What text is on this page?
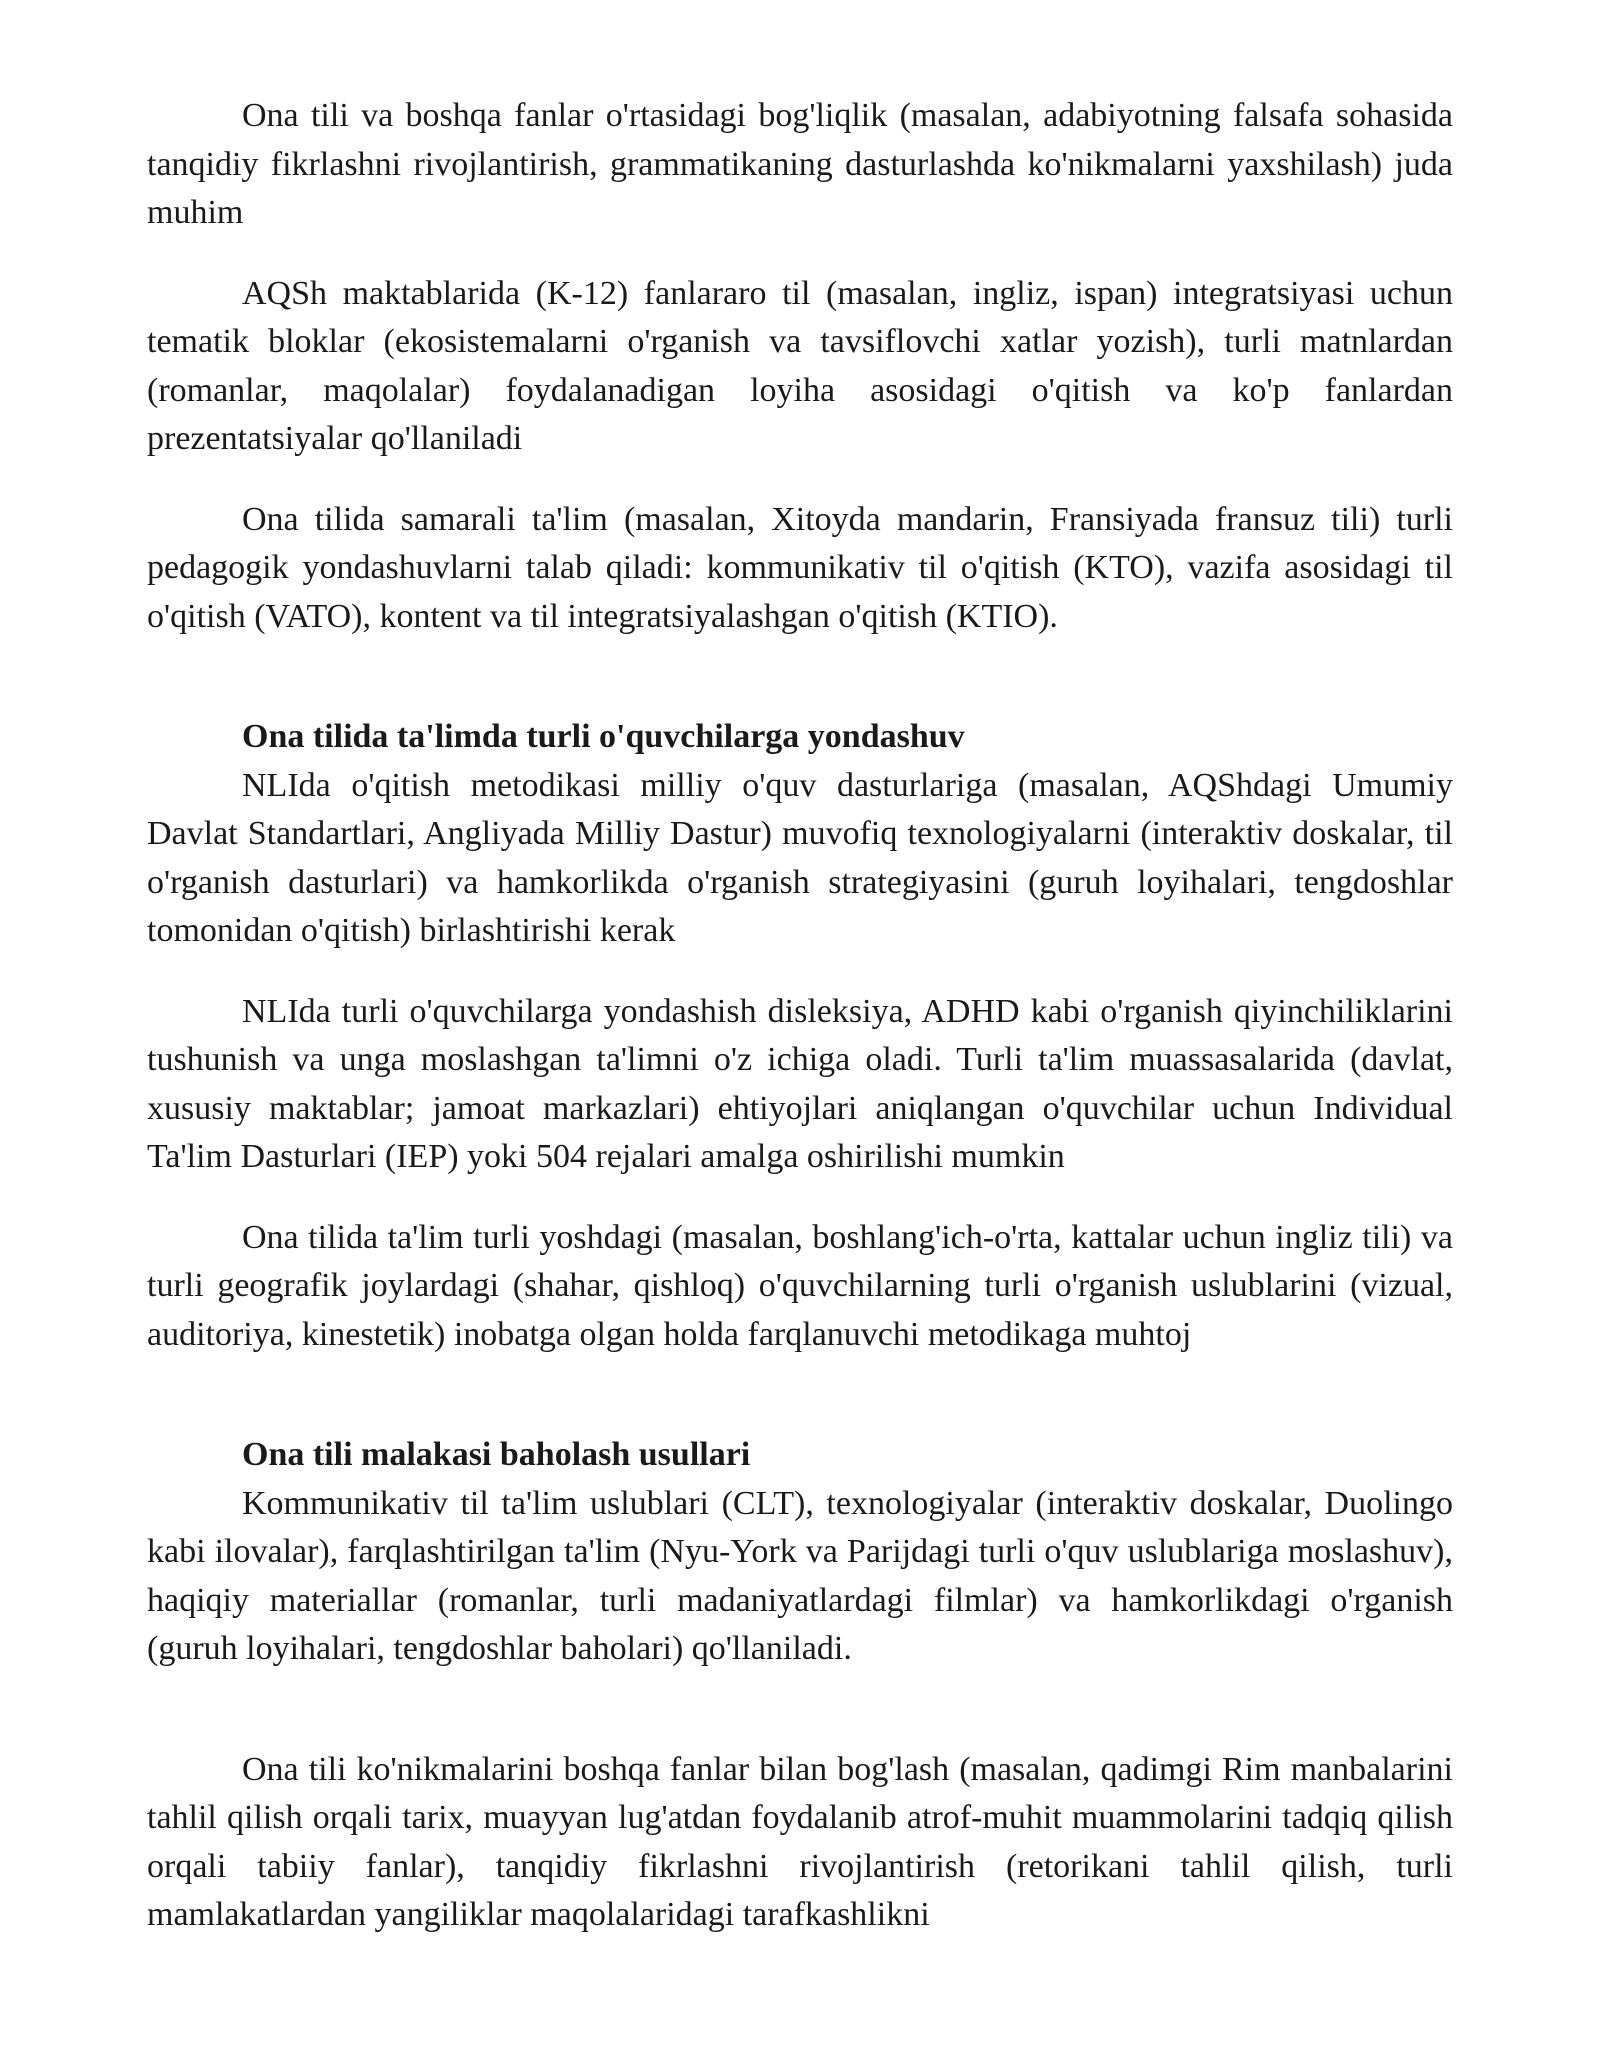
Ona tili va boshqa fanlar o'rtasidagi bog'liqlik (masalan, adabiyotning falsafa sohasida tanqidiy fikrlashni rivojlantirish, grammatikaning dasturlashda ko'nikmalarni yaxshilash) juda muhim

AQSh maktablarida (K-12) fanlararo til (masalan, ingliz, ispan) integratsiyasi uchun tematik bloklar (ekosistemalarni o'rganish va tavsiflovchi xatlar yozish), turli matnlardan (romanlar, maqolalar) foydalanadigan loyiha asosidagi o'qitish va ko'p fanlardan prezentatsiyalar qo'llaniladi

Ona tilida samarali ta'lim (masalan, Xitoyda mandarin, Fransiyada fransuz tili) turli pedagogik yondashuvlarni talab qiladi: kommunikativ til o'qitish (KTO), vazifa asosidagi til o'qitish (VATO), kontent va til integratsiyalashgan o'qitish (KTIO).

Ona tilida ta'limda turli o'quvchilarga yondashuv

NLIda o'qitish metodikasi milliy o'quv dasturlariga (masalan, AQShdagi Umumiy Davlat Standartlari, Angliyada Milliy Dastur) muvofiq texnologiyalarni (interaktiv doskalar, til o'rganish dasturlari) va hamkorlikda o'rganish strategiyasini (guruh loyihalari, tengdoshlar tomonidan o'qitish) birlashtirishi kerak

NLIda turli o'quvchilarga yondashish disleksiya, ADHD kabi o'rganish qiyinchiliklarini tushunish va unga moslashgan ta'limni o'z ichiga oladi. Turli ta'lim muassasalarida (davlat, xususiy maktablar; jamoat markazlari) ehtiyojlari aniqlangan o'quvchilar uchun Individual Ta'lim Dasturlari (IEP) yoki 504 rejalari amalga oshirilishi mumkin

Ona tilida ta'lim turli yoshdagi (masalan, boshlang'ich-o'rta, kattalar uchun ingliz tili) va turli geografik joylardagi (shahar, qishloq) o'quvchilarning turli o'rganish uslublarini (vizual, auditoriya, kinestetik) inobatga olgan holda farqlanuvchi metodikaga muhtoj

Ona tili malakasi baholash usullari

Kommunikativ til ta'lim uslublari (CLT), texnologiyalar (interaktiv doskalar, Duolingo kabi ilovalar), farqlashtirilgan ta'lim (Nyu-York va Parijdagi turli o'quv uslublariga moslashuv), haqiqiy materiallar (romanlar, turli madaniyatlardagi filmlar) va hamkorlikdagi o'rganish (guruh loyihalari, tengdoshlar baholari) qo'llaniladi.

Ona tili ko'nikmalarini boshqa fanlar bilan bog'lash (masalan, qadimgi Rim manbalarini tahlil qilish orqali tarix, muayyan lug'atdan foydalanib atrof-muhit muammolarini tadqiq qilish orqali tabiiy fanlar), tanqidiy fikrlashni rivojlantirish (retorikani tahlil qilish, turli mamlakatlardan yangiliklar maqolalaridagi tarafkashlikni
